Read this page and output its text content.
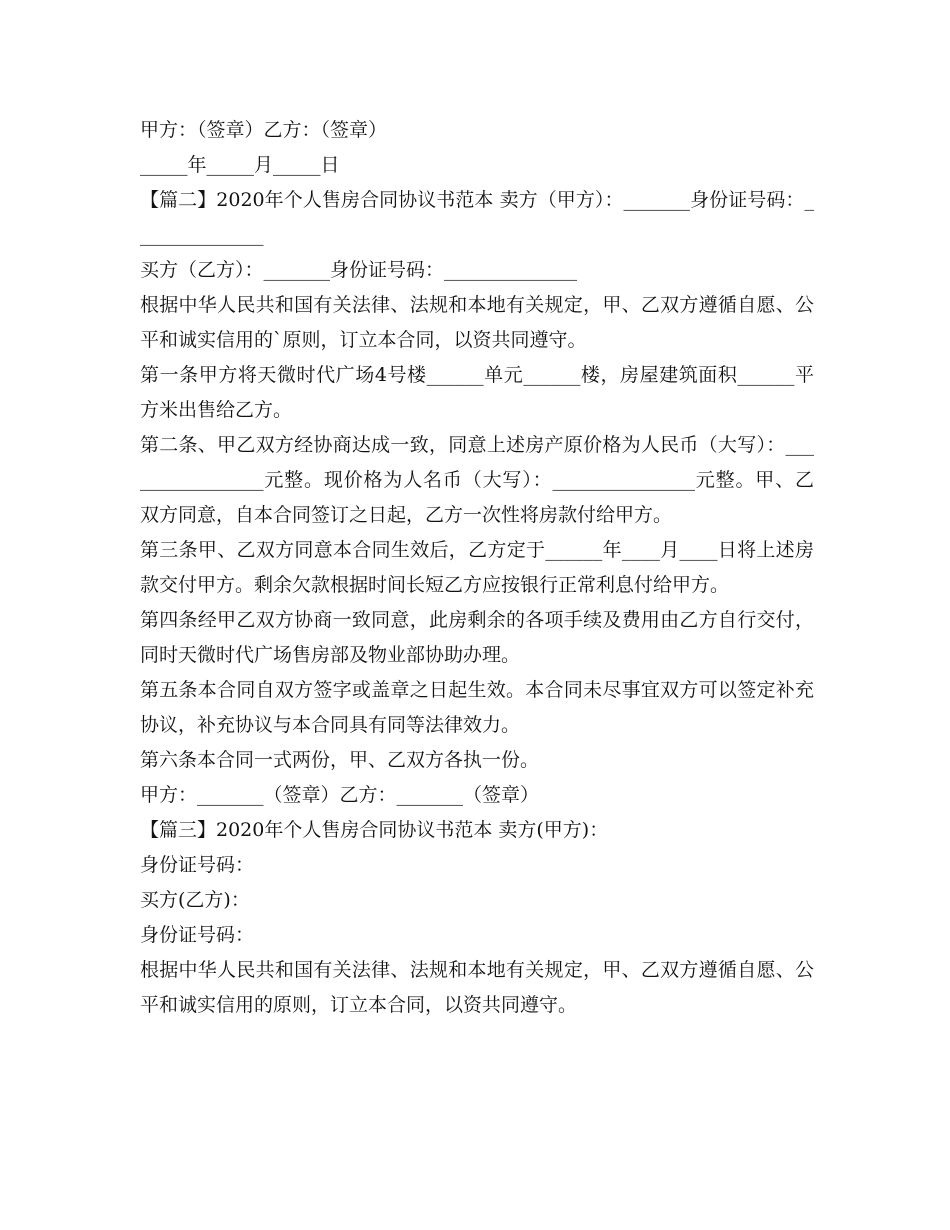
甲方：（签章）乙方：（签章）

_____年_____月_____日

【篇二】2020年个人售房合同协议书范本 卖方（甲方）：_______身份证号码：______________

买方（乙方）：_______身份证号码：______________

根据中华人民共和国有关法律、法规和本地有关规定，甲、乙双方遵循自愿、公平和诚实信用的`原则，订立本合同，以资共同遵守。

第一条甲方将天微时代广场4号楼______单元______楼，房屋建筑面积______平方米出售给乙方。

第二条、甲乙双方经协商达成一致，同意上述房产原价格为人民币（大写）：________________元整。现价格为人名币（大写）：_______________元整。甲、乙双方同意，自本合同签订之日起，乙方一次性将房款付给甲方。

第三条甲、乙双方同意本合同生效后，乙方定于______年____月____日将上述房款交付甲方。剩余欠款根据时间长短乙方应按银行正常利息付给甲方。

第四条经甲乙双方协商一致同意，此房剩余的各项手续及费用由乙方自行交付，同时天微时代广场售房部及物业部协助办理。

第五条本合同自双方签字或盖章之日起生效。本合同未尽事宜双方可以签定补充协议，补充协议与本合同具有同等法律效力。

第六条本合同一式两份，甲、乙双方各执一份。

甲方：_______（签章）乙方：_______（签章）

【篇三】2020年个人售房合同协议书范本 卖方(甲方)：

身份证号码：

买方(乙方)：

身份证号码：

根据中华人民共和国有关法律、法规和本地有关规定，甲、乙双方遵循自愿、公平和诚实信用的原则，订立本合同，以资共同遵守。
